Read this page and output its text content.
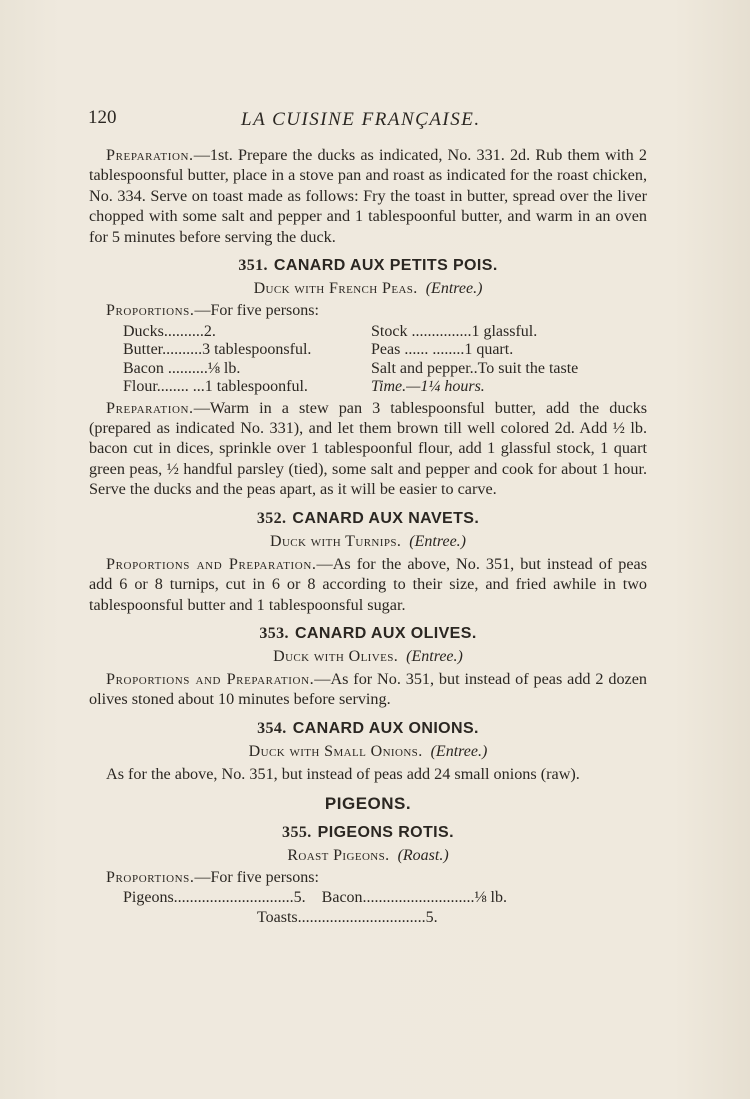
120	LA CUISINE FRANÇAISE.

Preparation.—1st. Prepare the ducks as indicated, No. 331. 2d. Rub them with 2 tablespoonsful butter, place in a stove pan and roast as indicated for the roast chicken, No. 334. Serve on toast made as follows: Fry the toast in butter, spread over the liver chopped with some salt and pepper and 1 tablespoonful butter, and warm in an oven for 5 minutes before serving the duck.

351. CANARD AUX PETITS POIS.
Duck with French Peas. (Entree.)
Proportions.—For five persons:
Ducks..........2.	Stock ...............1 glassful.
Butter..........3 tablespoonsful.	Peas ...... ........1 quart.
Bacon ..........⅛ lb.	Salt and pepper..To suit the taste
Flour........ ...1 tablespoonful.	Time.—1¼ hours.

Preparation.—Warm in a stew pan 3 tablespoonsful butter, add the ducks (prepared as indicated No. 331), and let them brown till well colored 2d. Add ½ lb. bacon cut in dices, sprinkle over 1 tablespoonful flour, add 1 glassful stock, 1 quart green peas, ½ handful parsley (tied), some salt and pepper and cook for about 1 hour. Serve the ducks and the peas apart, as it will be easier to carve.

352. CANARD AUX NAVETS.
Duck with Turnips. (Entree.)

Proportions and Preparation.—As for the above, No. 351, but instead of peas add 6 or 8 turnips, cut in 6 or 8 according to their size, and fried awhile in two tablespoonsful butter and 1 tablespoonsful sugar.

353. CANARD AUX OLIVES.
Duck with Olives. (Entree.)

Proportions and Preparation.—As for No. 351, but instead of peas add 2 dozen olives stoned about 10 minutes before serving.

354. CANARD AUX ONIONS.
Duck with Small Onions. (Entree.)

As for the above, No. 351, but instead of peas add 24 small onions (raw).

PIGEONS.
355. PIGEONS ROTIS.
Roast Pigeons. (Roast.)
Proportions.—For five persons:
Pigeons..............................5.    Bacon............................⅛ lb.
Toasts................................5.
